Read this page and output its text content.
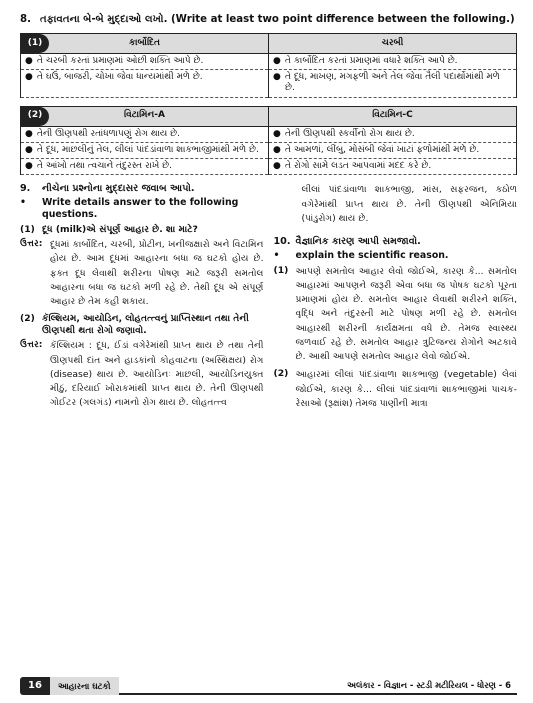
8. તફાવતના બે-બે મુદ્દાઓ લખો. (Write at least two point difference between the following.)
(1) કાર્બોદિત	ચરબી

● તે ચરબી કરતાં પ્રમાણમાં ઓછી શક્તિ આપે છે.	● તે કાર્બોદિત કરતાં પ્રમાણમાં વધારે શક્તિ આપે છે.

● તે ઘઉં, બાજરી, ચોખા જેવા ધાન્યમાંથી મળે છે.	● તે દૂધ, માખણ, મગફળી અને તેલ જેવા તૈલી પદાર્થોમાંથી મળે છે.
(2) વિટામિન-A	વિટામિન-C

● તેની ઊણપથી રતાંધળાપણું રોગ થાય છે.	● તેની ઊણપથી સ્કર્વીનો રોગ થાય છે.

● તે દૂધ, માછલીનું તેલ, લીલાં પાંદડાંવાળા શાકભાજીમાંથી મળે છે.	● તે આમળાં, લીંબુ, મોસંબી જેવાં ખાટાં ફળોમાંથી મળે છે.

● તે આંખો તથા ત્વચાને તંદુરસ્ત રાખે છે.	● તે રોગો સામે લડત આપવામાં મદદ કરે છે.
9.	નીચેના પ્રશ્નોના મુદ્દાસર જવાબ આપો.
•	Write details answer to the following questions.
(1) દૂધ (milk)એ સંપૂર્ણ આહાર છે. શા માટે?
ઉત્તર: દૂધમાં કાર્બોદિત, ચરબી, પ્રોટીન, ખનીજક્ષારો અને વિટામિન હોય છે. આમ દૂધમાં આહારના બધા જ ઘટકો હોય છે. ફક્ત દૂધ લેવાથી શરીરના પોષણ માટે જરૂરી સમતોલ આહારના બધા જ ઘટકો મળી રહે છે. તેથી દૂધ એ સંપૂર્ણ આહાર છે તેમ કહી શકાય.
(2) કૅલ્શિયમ, આયોડિન, લોહતત્ત્વનું પ્રાપ્તિસ્થાન તથા તેની ઊણપથી થતા રોગો જણાવો.
ઉત્તર: કૅલ્શિયમ : દૂધ, ઈંડાં વગેરેમાંથી પ્રાપ્ત થાય છે તથા તેની ઊણપથી દાંત અને હાડકાંનો કોહવાટના (અસ્થિક્ષય) રોગ (disease) થાય છે. આયોડિનઃ માછલી, આયોડિનયુક્ત મીઠું, દરિયાઈ ખોરાકમાંથી પ્રાપ્ત થાય છે. તેની ઊણપથી ગોઈટર (ગલગંડ) નામનો રોગ થાય છે. લોહતત્ત્વ
લીલાં પાંદડાંવાળા શાકભાજી, માંસ, સફરજન, કઠોળ વગેરેમાંથી પ્રાપ્ત થાય છે. તેની ઊણપથી એનિમિયા (પાંડુરોગ) થાય છે.
10. વૈજ્ઞાનિક કારણ આપી સમજાવો.
•	explain the scientific reason.
(1) આપણે સમતોલ આહાર લેવો જોઈએ, કારણ કે... સમતોલ આહારમાં આપણને જરૂરી એવા બધા જ પોષક ઘટકો પૂરતા પ્રમાણમાં હોય છે. સમતોલ આહાર લેવાથી શરીરને શક્તિ, વૃદ્ધિ અને તંદુરસ્તી માટે પોષણ મળી રહે છે. સમતોલ આહારથી શરીરની કાર્યક્ષમતા વધે છે. તેમજ સ્વાસ્થ્ય જળવાઈ રહે છે. સમતોલ આહાર ત્રુટિજન્ય રોગોને અટકાવે છે. આથી આપણે સમતોલ આહાર લેવો જોઈએ.
(2) આહારમાં લીલાં પાંદડાંવાળા શાકભાજી (vegetable) લેવાં જોઈએ, કારણ કે... લીલાં પાંદડાંવાળાં શાકભાજીમાં પાચક-રેસાઓ (રૂક્ષાંશ) તેમજ પાણીની માત્રા
16	આહારના ઘટકો	અલંકાર - વિજ્ઞાન - સ્ટડી મટીરિયલ - ધોરણ - 6
